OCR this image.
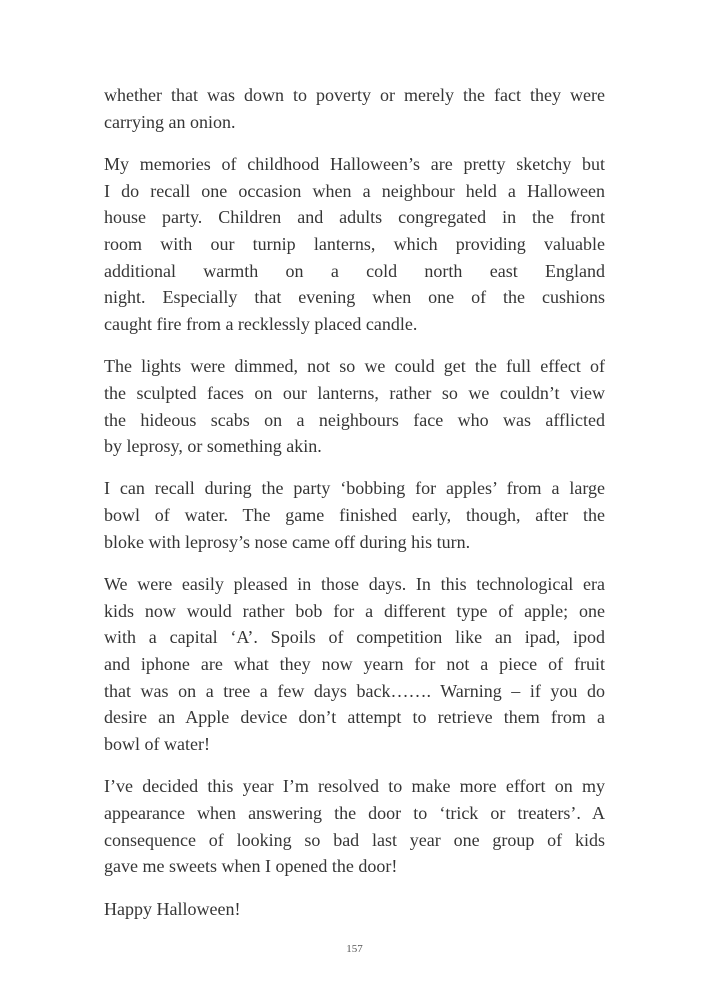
whether that was down to poverty or merely the fact they were
carrying an onion.
My memories of childhood Halloween’s are pretty sketchy but
I do recall one occasion when a neighbour held a Halloween
house party. Children and adults congregated in the front
room with our turnip lanterns, which providing valuable
additional warmth on a cold north east England
night. Especially that evening when one of the cushions
caught fire from a recklessly placed candle.
The lights were dimmed, not so we could get the full effect of
the sculpted faces on our lanterns, rather so we couldn’t view
the hideous scabs on a neighbours face who was afflicted
by leprosy, or something akin.
I can recall during the party ‘bobbing for apples’ from a large
bowl of water. The game finished early, though, after the
bloke with leprosy’s nose came off during his turn.
We were easily pleased in those days. In this technological era
kids now would rather bob for a different type of apple; one
with a capital ‘A’. Spoils of competition like an ipad, ipod
and iphone are what they now yearn for not a piece of fruit
that was on a tree a few days back……. Warning – if you do
desire an Apple device don’t attempt to retrieve them from a
bowl of water!
I’ve decided this year I’m resolved to make more effort on my
appearance when answering the door to ‘trick or treaters’. A
consequence of looking so bad last year one group of kids
gave me sweets when I opened the door!
Happy Halloween!
157
